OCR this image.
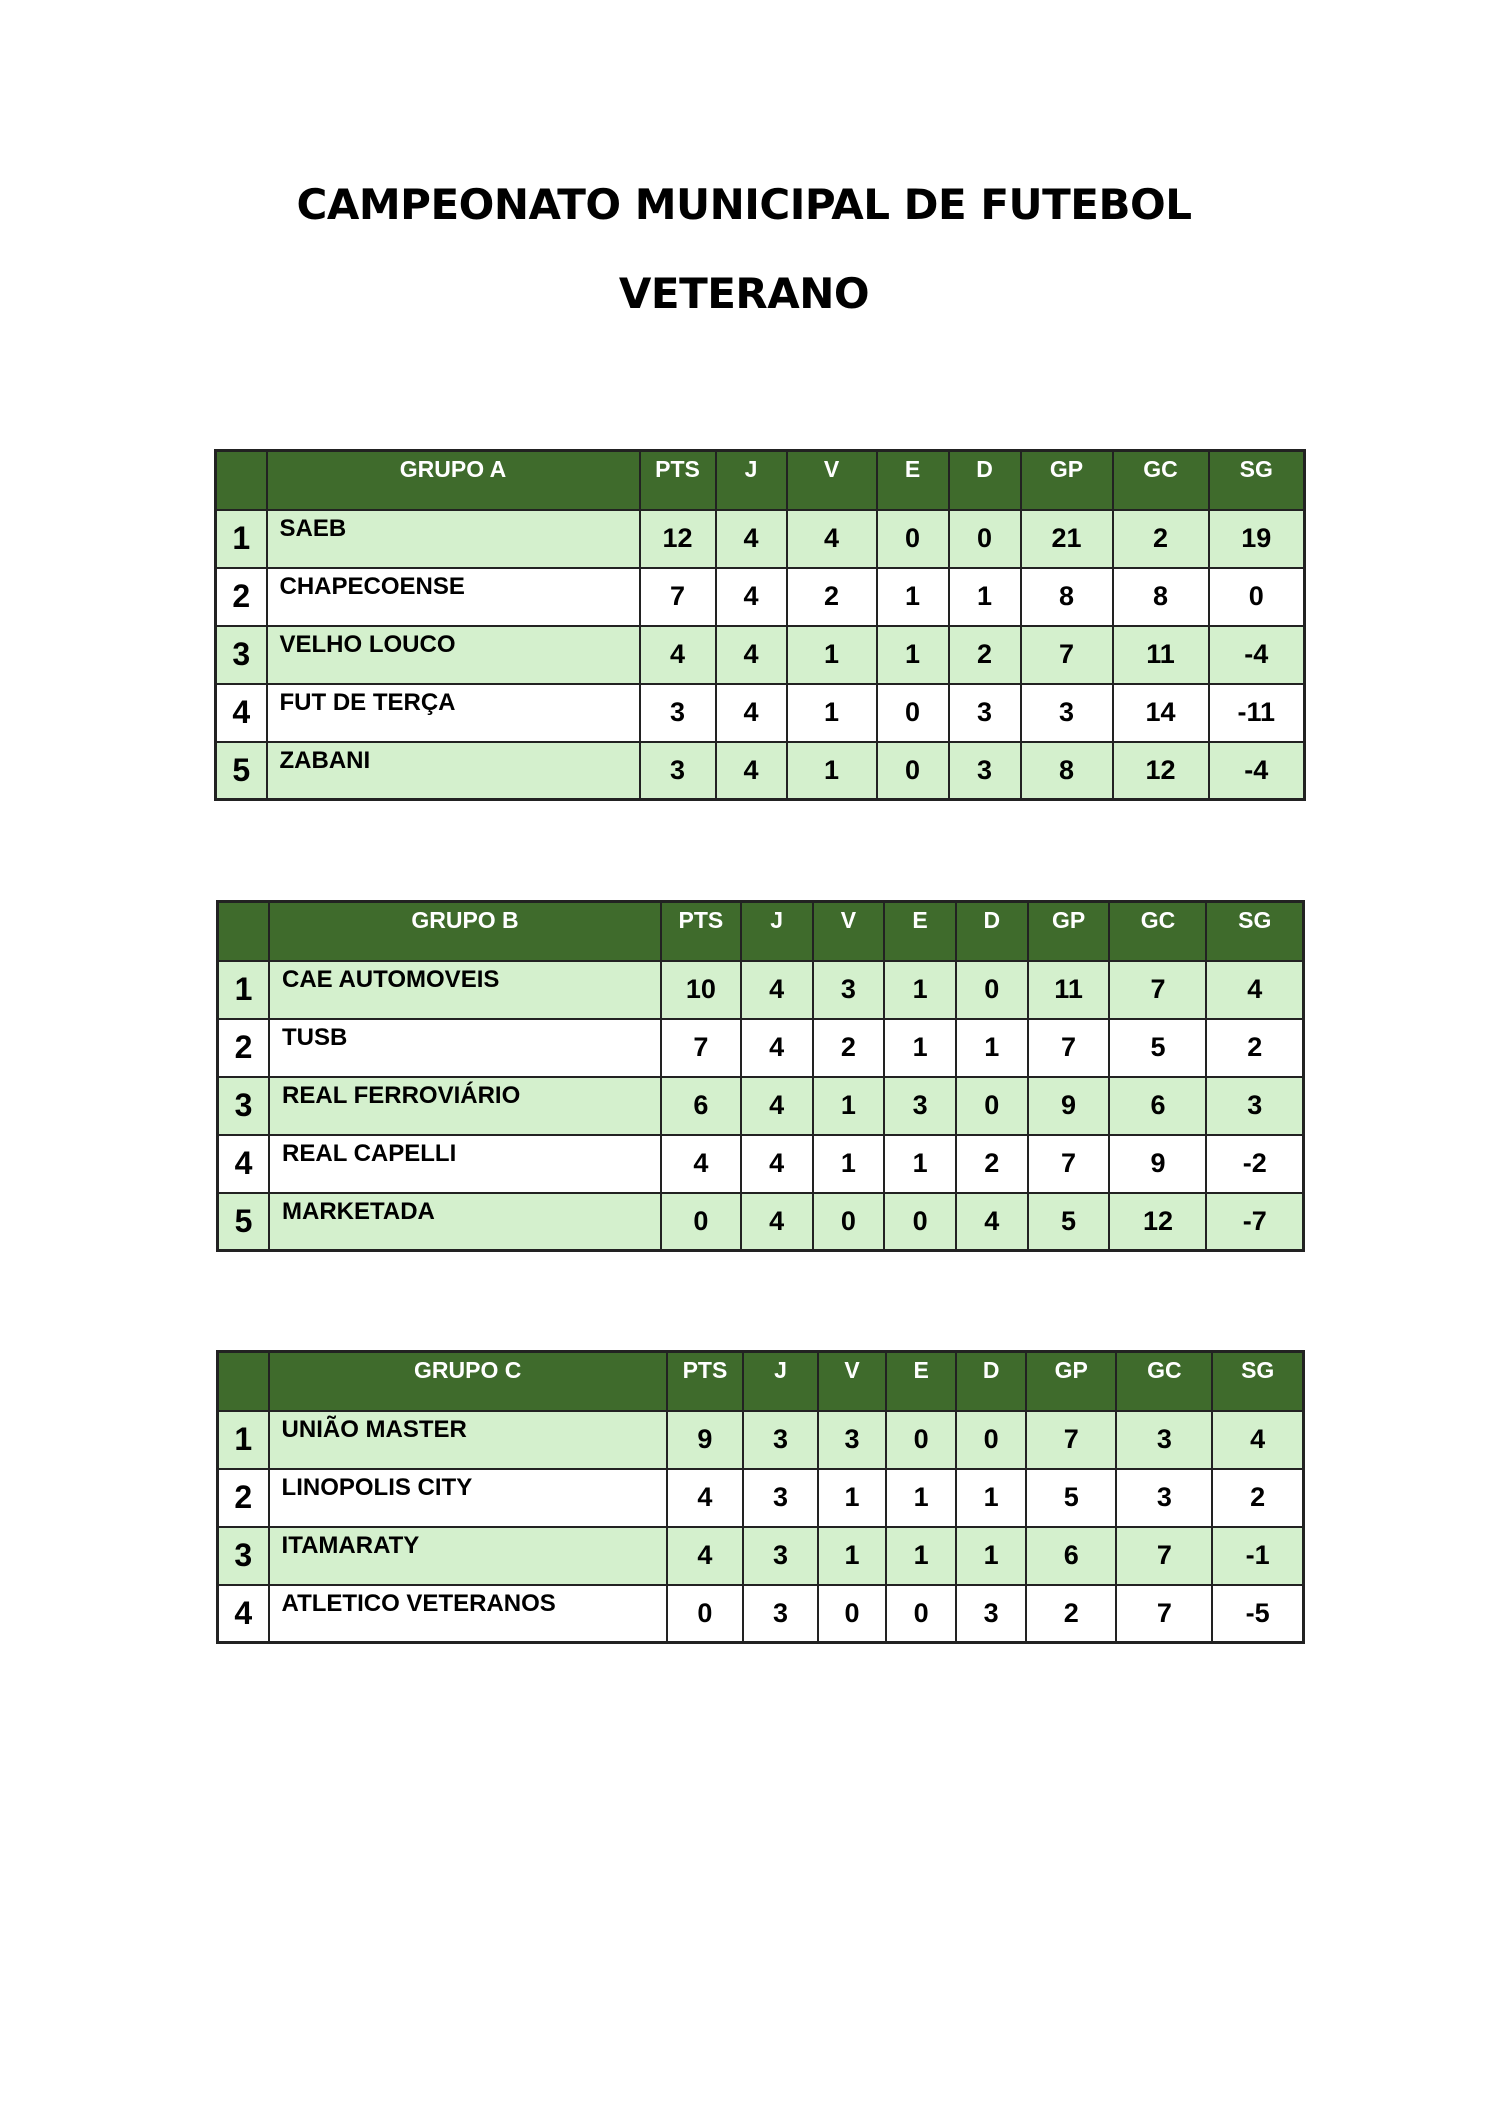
CAMPEONATO MUNICIPAL DE FUTEBOL
VETERANO
	GRUPO A	PTS	J	V	E	D	GP	GC	SG
1	SAEB	12	4	4	0	0	21	2	19
2	CHAPECOENSE	7	4	2	1	1	8	8	0
3	VELHO LOUCO	4	4	1	1	2	7	11	-4
4	FUT DE TERÇA	3	4	1	0	3	3	14	-11
5	ZABANI	3	4	1	0	3	8	12	-4
	GRUPO B	PTS	J	V	E	D	GP	GC	SG
1	CAE AUTOMOVEIS	10	4	3	1	0	11	7	4
2	TUSB	7	4	2	1	1	7	5	2
3	REAL FERROVIÁRIO	6	4	1	3	0	9	6	3
4	REAL CAPELLI	4	4	1	1	2	7	9	-2
5	MARKETADA	0	4	0	0	4	5	12	-7
	GRUPO C	PTS	J	V	E	D	GP	GC	SG
1	UNIÃO MASTER	9	3	3	0	0	7	3	4
2	LINOPOLIS CITY	4	3	1	1	1	5	3	2
3	ITAMARATY	4	3	1	1	1	6	7	-1
4	ATLETICO VETERANOS	0	3	0	0	3	2	7	-5
